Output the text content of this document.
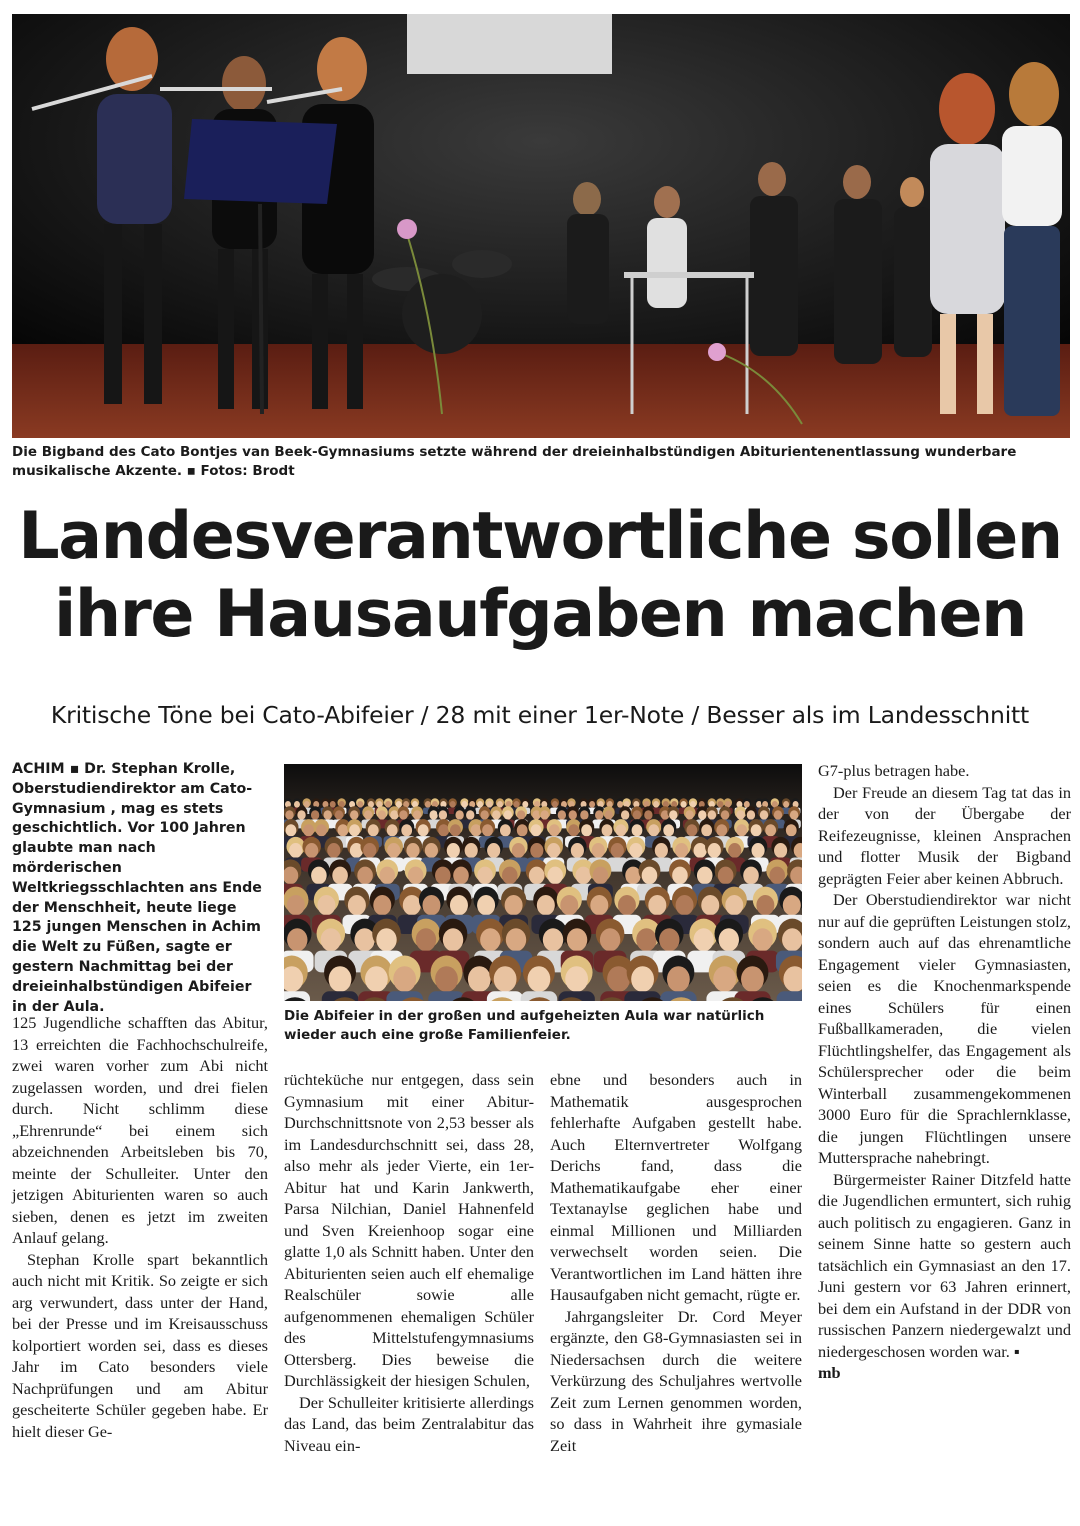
Die Bigband des Cato Bontjes van Beek-Gymnasiums setzte während der dreieinhalbstündigen Abiturientenentlassung wunderbare musikalische Akzente. ▪ Fotos: Brodt
Landesverantwortliche sollen
ihre Hausaufgaben machen
Kritische Töne bei Cato-Abifeier / 28 mit einer 1er-Note / Besser als im Landesschnitt
ACHIM ▪ Dr. Stephan Krolle, Oberstudiendirektor am Cato-Gymnasium , mag es stets geschichtlich. Vor 100 Jahren glaubte man nach mörderischen Weltkriegsschlachten ans Ende der Menschheit, heute liege 125 jungen Menschen in Achim die Welt zu Füßen, sagte er gestern Nachmittag bei der dreieinhalbstündigen Abifeier in der Aula.
Die Abifeier in der großen und aufgeheizten Aula war natürlich wieder auch eine große Familienfeier.

125 Jugendliche schafften das Abitur, 13 erreichten die Fachhochschulreife, zwei waren vorher zum Abi nicht zugelassen worden, und drei fielen durch. Nicht schlimm diese „Ehrenrunde“ bei einem sich abzeichnenden Arbeitsleben bis 70, meinte der Schulleiter. Unter den jetzigen Abiturienten waren so auch sieben, denen es jetzt im zweiten Anlauf gelang.

Stephan Krolle spart bekanntlich auch nicht mit Kritik. So zeigte er sich arg verwundert, dass unter der Hand, bei der Presse und im Kreisausschuss kolportiert worden sei, dass es dieses Jahr im Cato besonders viele Nachprüfungen und am Abitur gescheiterte Schüler gegeben habe. Er hielt dieser Ge-

rüchteküche nur entgegen, dass sein Gymnasium mit einer Abitur-Durchschnittsnote von 2,53 besser als im Landesdurchschnitt sei, dass 28, also mehr als jeder Vierte, ein 1er-Abitur hat und Karin Jankwerth, Parsa Nilchian, Daniel Hahnenfeld und Sven Kreienhoop sogar eine glatte 1,0 als Schnitt haben. Unter den Abiturienten seien auch elf ehemalige Realschüler sowie alle aufgenommenen ehemaligen Schüler des Mittelstufengymnasiums Ottersberg. Dies beweise die Durchlässigkeit der hiesigen Schulen,

Der Schulleiter kritisierte allerdings das Land, das beim Zentralabitur das Niveau ein-

ebne und besonders auch in Mathematik ausgesprochen fehlerhafte Aufgaben gestellt habe. Auch Elternvertreter Wolfgang Derichs fand, dass die Mathematikaufgabe eher einer Textanaylse geglichen habe und einmal Millionen und Milliarden verwechselt worden seien. Die Verantwortlichen im Land hätten ihre Hausaufgaben nicht gemacht, rügte er.

Jahrgangsleiter Dr. Cord Meyer ergänzte, den G8-Gymnasiasten sei in Niedersachsen durch die weitere Verkürzung des Schuljahres wertvolle Zeit zum Lernen genommen worden, so dass in Wahrheit ihre gymasiale Zeit

G7-plus betragen habe.

Der Freude an diesem Tag tat das in der von der Übergabe der Reifezeugnisse, kleinen Ansprachen und flotter Musik der Bigband geprägten Feier aber keinen Abbruch.

Der Oberstudiendirektor war nicht nur auf die geprüften Leistungen stolz, sondern auch auf das ehrenamtliche Engagement vieler Gymnasiasten, seien es die Knochenmarkspende eines Schülers für einen Fußballkameraden, die vielen Flüchtlingshelfer, das Engagement als Schülersprecher oder die beim Winterball zusammengekommenen 3000 Euro für die Sprachlernklasse, die jungen Flüchtlingen unsere Muttersprache nahebringt.

Bürgermeister Rainer Ditzfeld hatte die Jugendlichen ermuntert, sich ruhig auch politisch zu engagieren. Ganz in seinem Sinne hatte so gestern auch tatsächlich ein Gymnasiast an den 17. Juni gestern vor 63 Jahren erinnert, bei dem ein Aufstand in der DDR von russischen Panzern niedergewalzt und niedergeschosen worden war. ▪

mb
